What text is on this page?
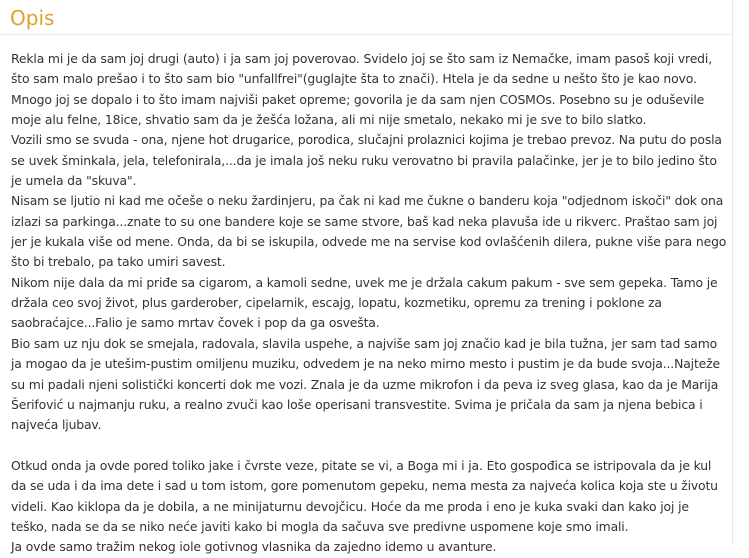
Opis

Rekla mi je da sam joj drugi (auto) i ja sam joj poverovao. Svidelo joj se što sam iz Nemačke, imam pasoš koji vredi, što sam malo prešao i to što sam bio "unfallfrei"(guglajte šta to znači). Htela je da sedne u nešto što je kao novo. Mnogo joj se dopalo i to što imam najviši paket opreme; govorila je da sam njen COSMOs. Posebno su je oduševile moje alu felne, 18ice, shvatio sam da je žešća ložana, ali mi nije smetalo, nekako mi je sve to bilo slatko.

Vozili smo se svuda - ona, njene hot drugarice, porodica, slučajni prolaznici kojima je trebao prevoz. Na putu do posla se uvek šminkala, jela, telefonirala,...da je imala još neku ruku verovatno bi pravila palačinke, jer je to bilo jedino što je umela da "skuva".

Nisam se ljutio ni kad me očeše o neku žardinjeru, pa čak ni kad me čukne o banderu koja "odjednom iskoči" dok ona izlazi sa parkinga...znate to su one bandere koje se same stvore, baš kad neka plavuša ide u rikverc. Praštao sam joj jer je kukala više od mene. Onda, da bi se iskupila, odvede me na servise kod ovlašćenih dilera, pukne više para nego što bi trebalo, pa tako umiri savest.

Nikom nije dala da mi priđe sa cigarom, a kamoli sedne, uvek me je držala cakum pakum - sve sem gepeka. Tamo je držala ceo svoj život, plus garderober, cipelarnik, escajg, lopatu, kozmetiku, opremu za trening i poklone za saobraćajce...Falio je samo mrtav čovek i pop da ga osvešta.

Bio sam uz nju dok se smejala, radovala, slavila uspehe, a najviše sam joj značio kad je bila tužna, jer sam tad samo ja mogao da je utešim-pustim omiljenu muziku, odvedem je na neko mirno mesto i pustim je da bude svoja...Najteže su mi padali njeni solistički koncerti dok me vozi. Znala je da uzme mikrofon i da peva iz sveg glasa, kao da je Marija Šerifović u najmanju ruku, a realno zvuči kao loše operisani transvestite. Svima je pričala da sam ja njena bebica i najveća ljubav.

Otkud onda ja ovde pored toliko jake i čvrste veze, pitate se vi, a Boga mi i ja. Eto gospođica se istripovala da je kul da se uda i da ima dete i sad u tom istom, gore pomenutom gepeku, nema mesta za najveća kolica koja ste u životu videli. Kao kiklopa da je dobila, a ne minijaturnu devojčicu. Hoće da me proda i eno je kuka svaki dan kako joj je teško, nada se da se niko neće javiti kako bi mogla da sačuva sve predivne uspomene koje smo imali.

Ja ovde samo tražim nekog iole gotivnog vlasnika da zajedno idemo u avanture.
